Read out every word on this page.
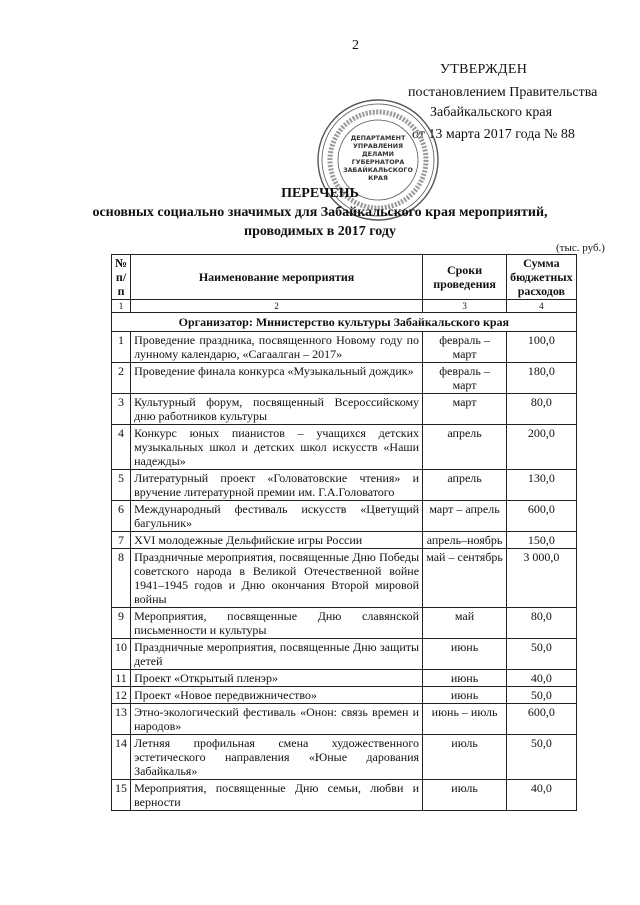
2
УТВЕРЖДЕН
постановлением Правительства
Забайкальского края
от 13 марта 2017 года № 88
ДЕПАРТАМЕНТ
УПРАВЛЕНИЯ
ДЕЛАМИ
ГУБЕРНАТОРА
ЗАБАЙКАЛЬСКОГО
КРАЯ
ПЕРЕЧЕНЬ
основных социально значимых для Забайкальского края мероприятий,
проводимых в 2017 году
(тыс. руб.)
№ п/п	Наименование мероприятия	Сроки проведения	Сумма бюджетных расходов
1	2	3	4
Организатор: Министерство культуры Забайкальского края			
1	Проведение праздника, посвященного Новому году по лунному календарю, «Сагаалган – 2017»	февраль – март	100,0
2	Проведение финала конкурса «Музыкальный дождик»	февраль – март	180,0
3	Культурный форум, посвященный Всероссийскому дню работников культуры	март	80,0
4	Конкурс юных пианистов – учащихся детских музыкальных школ и детских школ искусств «Наши надежды»	апрель	200,0
5	Литературный проект «Головатовские чтения» и вручение литературной премии им. Г.А.Головатого	апрель	130,0
6	Международный фестиваль искусств «Цветущий багульник»	март – апрель	600,0
7	XVI молодежные Дельфийские игры России	апрель–ноябрь	150,0
8	Праздничные мероприятия, посвященные Дню Победы советского народа в Великой Отечественной войне 1941–1945 годов и Дню окончания Второй мировой войны	май – сентябрь	3 000,0
9	Мероприятия, посвященные Дню славянской письменности и культуры	май	80,0
10	Праздничные мероприятия, посвященные Дню защиты детей	июнь	50,0
11	Проект «Открытый пленэр»	июнь	40,0
12	Проект «Новое передвижничество»	июнь	50,0
13	Этно-экологический фестиваль «Онон: связь времен и народов»	июнь – июль	600,0
14	Летняя профильная смена художественного эстетического направления «Юные дарования Забайкалья»	июль	50,0
15	Мероприятия, посвященные Дню семьи, любви и верности	июль	40,0
